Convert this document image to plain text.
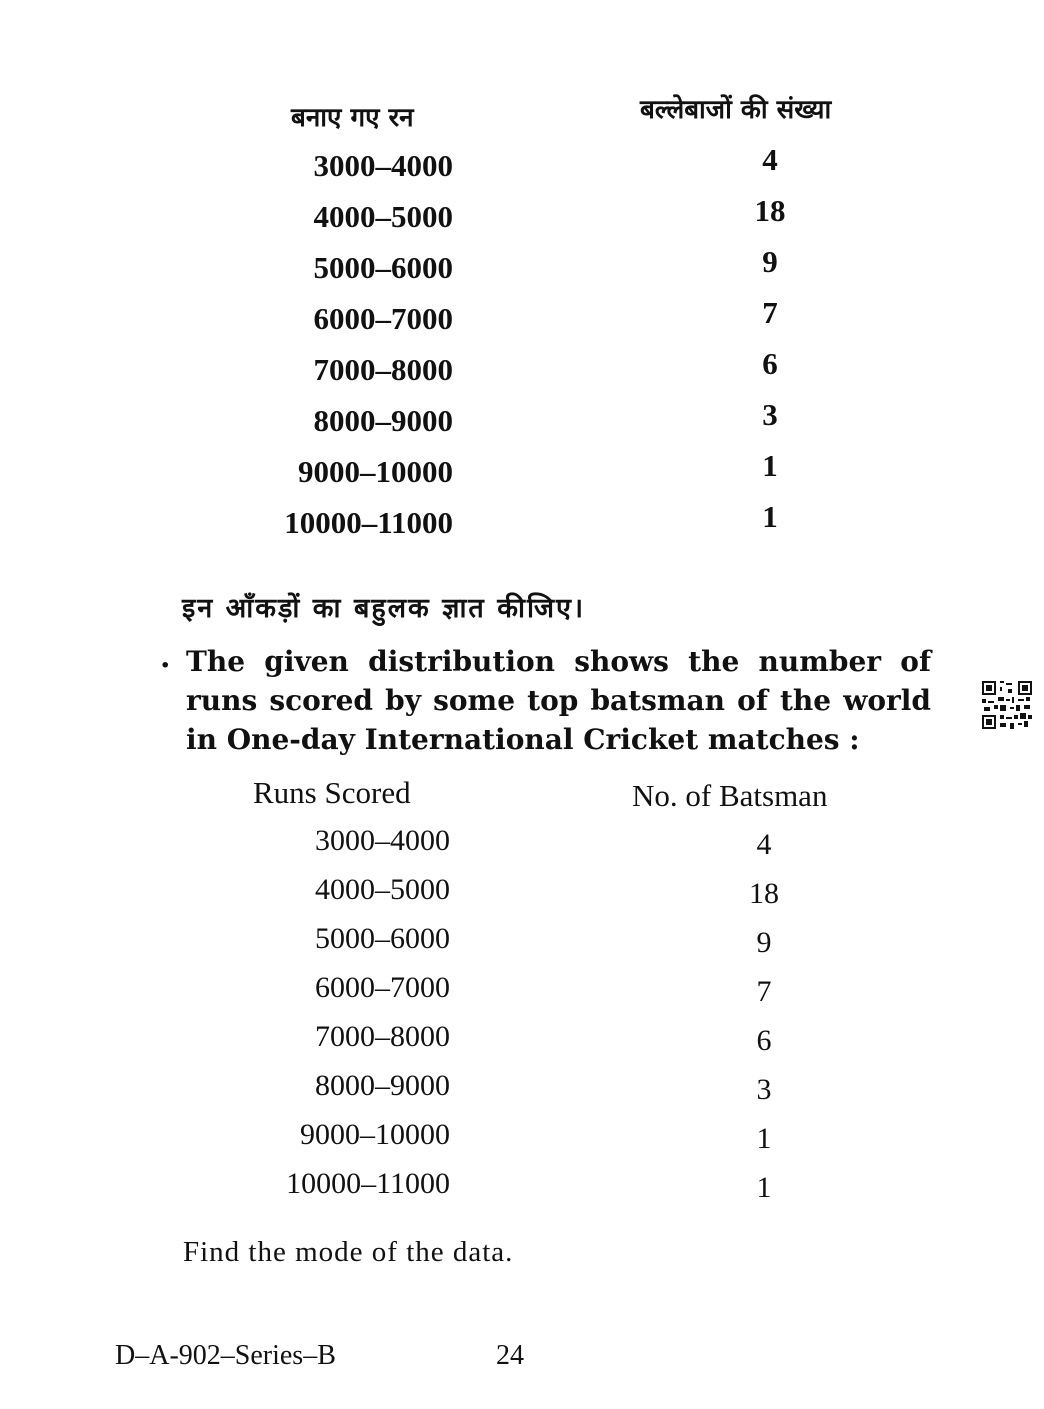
बनाए गए रन	बल्लेबाजों की संख्या
3000–4000	4
4000–5000	18
5000–6000	9
6000–7000	7
7000–8000	6
8000–9000	3
9000–10000	1
10000–11000	1
इन आँकड़ों का बहुलक ज्ञात कीजिए।
· The given distribution shows the number of runs scored by some top batsman of the world in One-day International Cricket matches :
Runs Scored	No. of Batsman
3000–4000	4
4000–5000	18
5000–6000	9
6000–7000	7
7000–8000	6
8000–9000	3
9000–10000	1
10000–11000	1
Find the mode of the data.
D–A-902–Series–B	24
